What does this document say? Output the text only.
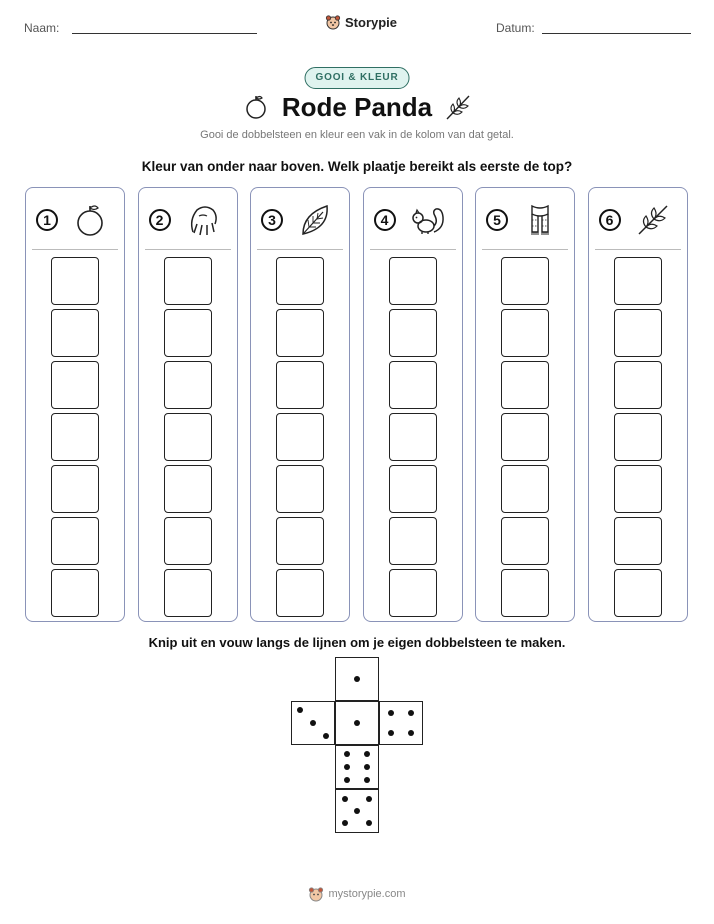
Naam:	Storypie	Datum:
GOOI & KLEUR
Rode Panda
Gooi de dobbelsteen en kleur een vak in de kolom van dat getal.
Kleur van onder naar boven. Welk plaatje bereikt als eerste de top?
1	2	3	4	5	6
Knip uit en vouw langs de lijnen om je eigen dobbelsteen te maken.
mystorypie.com
